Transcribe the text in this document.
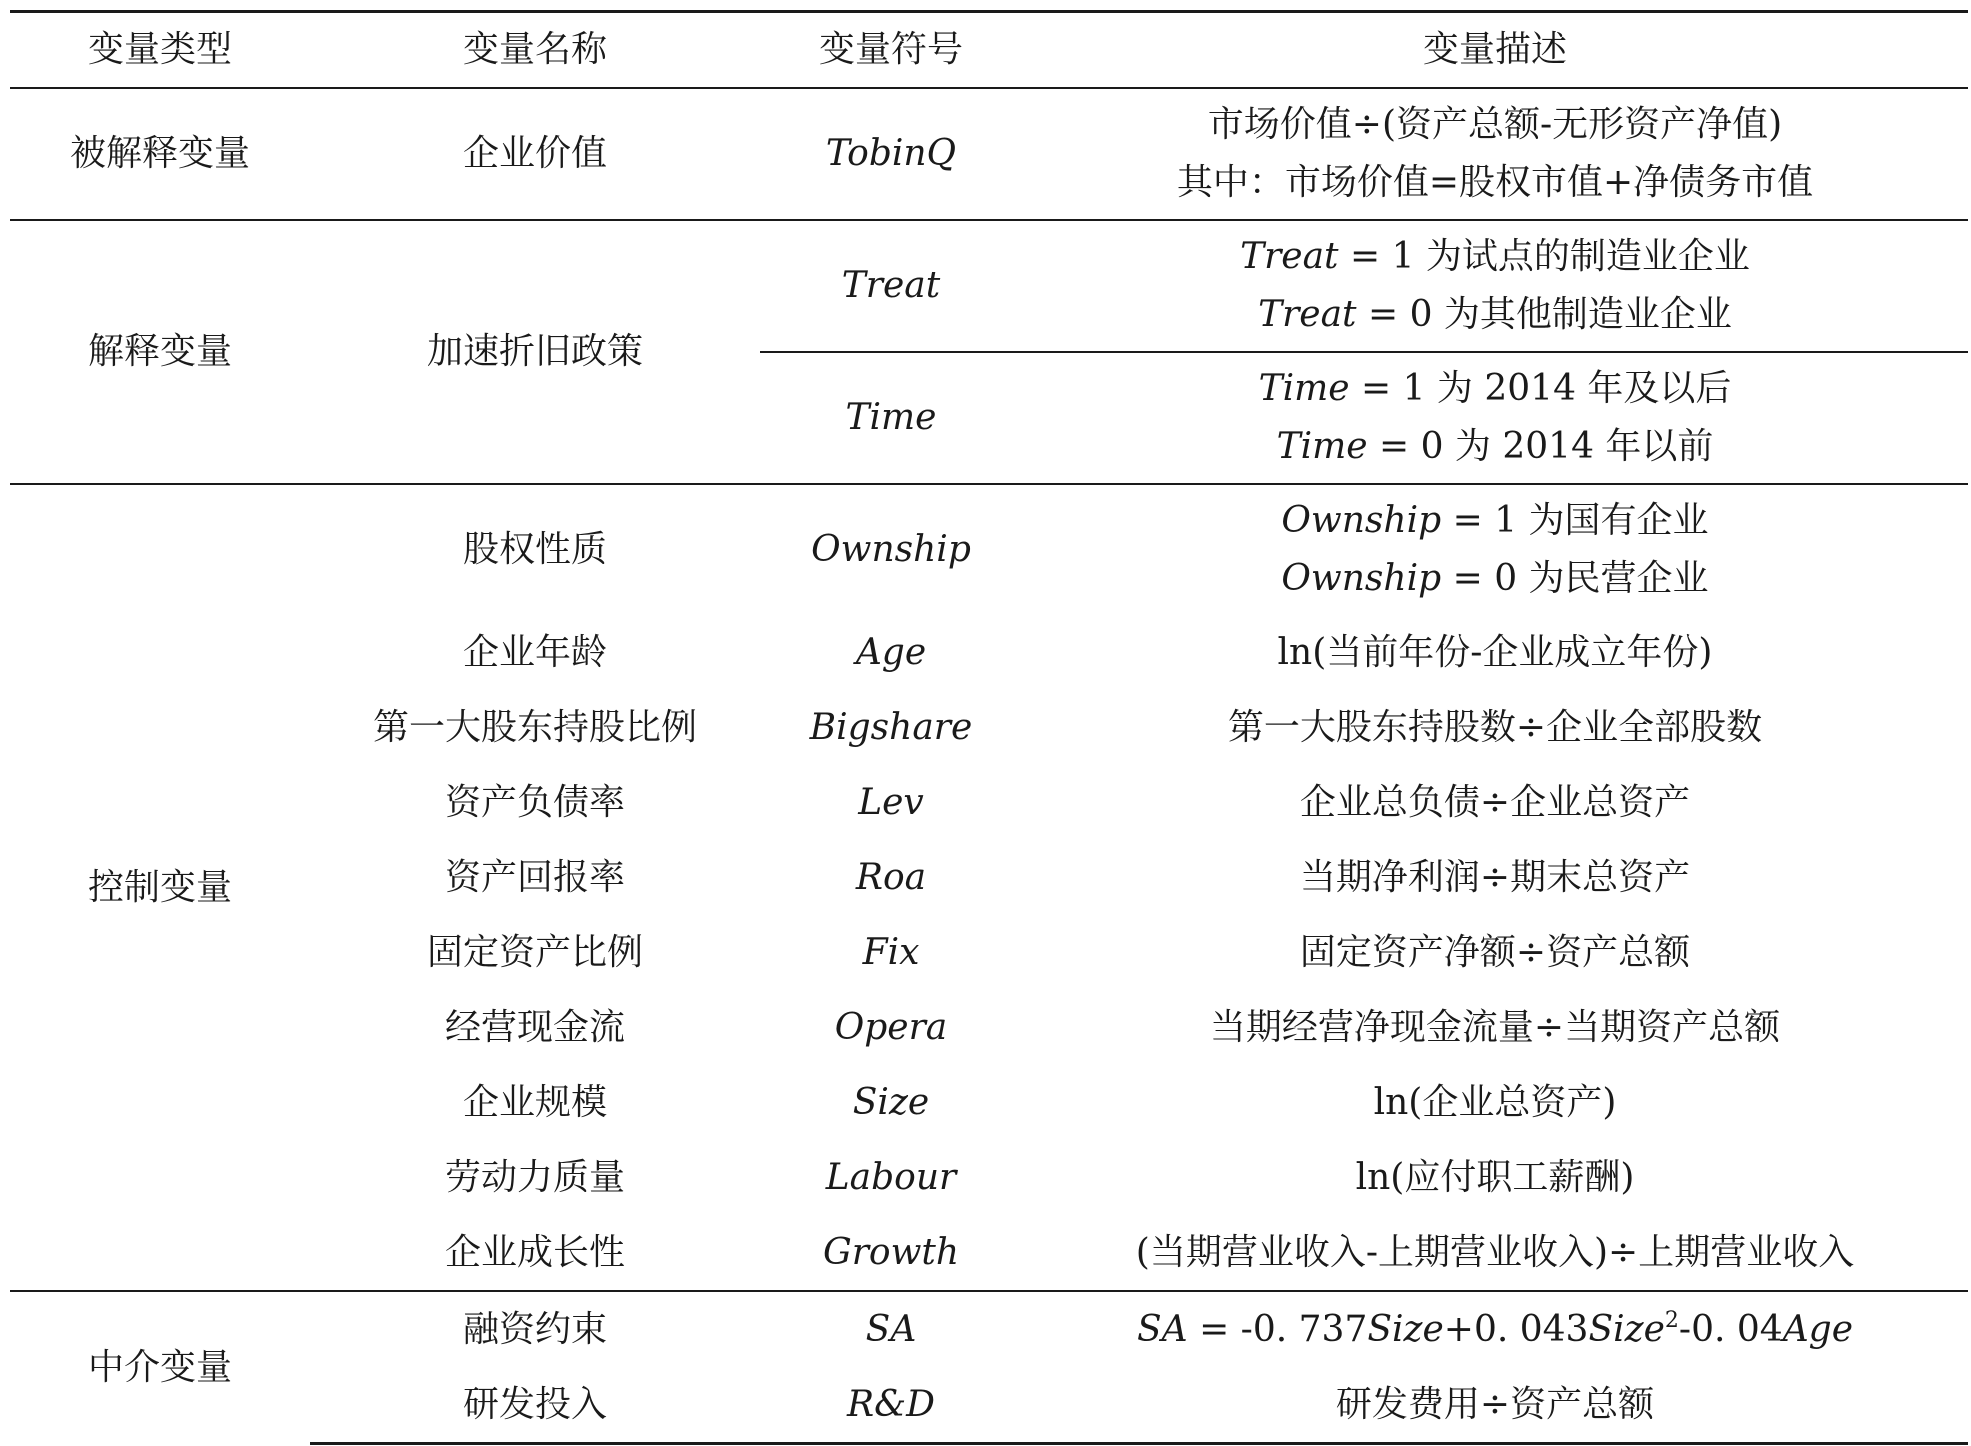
变量类型	变量名称	变量符号	变量描述
被解释变量	企业价值	TobinQ	市场价值÷(资产总额-无形资产净值)
其中：市场价值=股权市值+净债务市值

解释变量	加速折旧政策	Treat	Treat = 1 为试点的制造业企业
Treat = 0 为其他制造业企业

		Time	Time = 1 为 2014 年及以后
Time = 0 为 2014 年以前

控制变量	股权性质	Ownship	Ownship = 1 为国有企业
Ownship = 0 为民营企业

	企业年龄	Age	ln(当前年份-企业成立年份)
	第一大股东持股比例	Bigshare	第一大股东持股数÷企业全部股数
	资产负债率	Lev	企业总负债÷企业总资产
	资产回报率	Roa	当期净利润÷期末总资产
	固定资产比例	Fix	固定资产净额÷资产总额
	经营现金流	Opera	当期经营净现金流量÷当期资产总额
	企业规模	Size	ln(企业总资产)
	劳动力质量	Labour	ln(应付职工薪酬)
	企业成长性	Growth	(当期营业收入-上期营业收入)÷上期营业收入
中介变量	融资约束	SA	SA = -0. 737Size+0. 043Size$^2$-0. 04Age
	研发投入	R&D	研发费用÷资产总额
